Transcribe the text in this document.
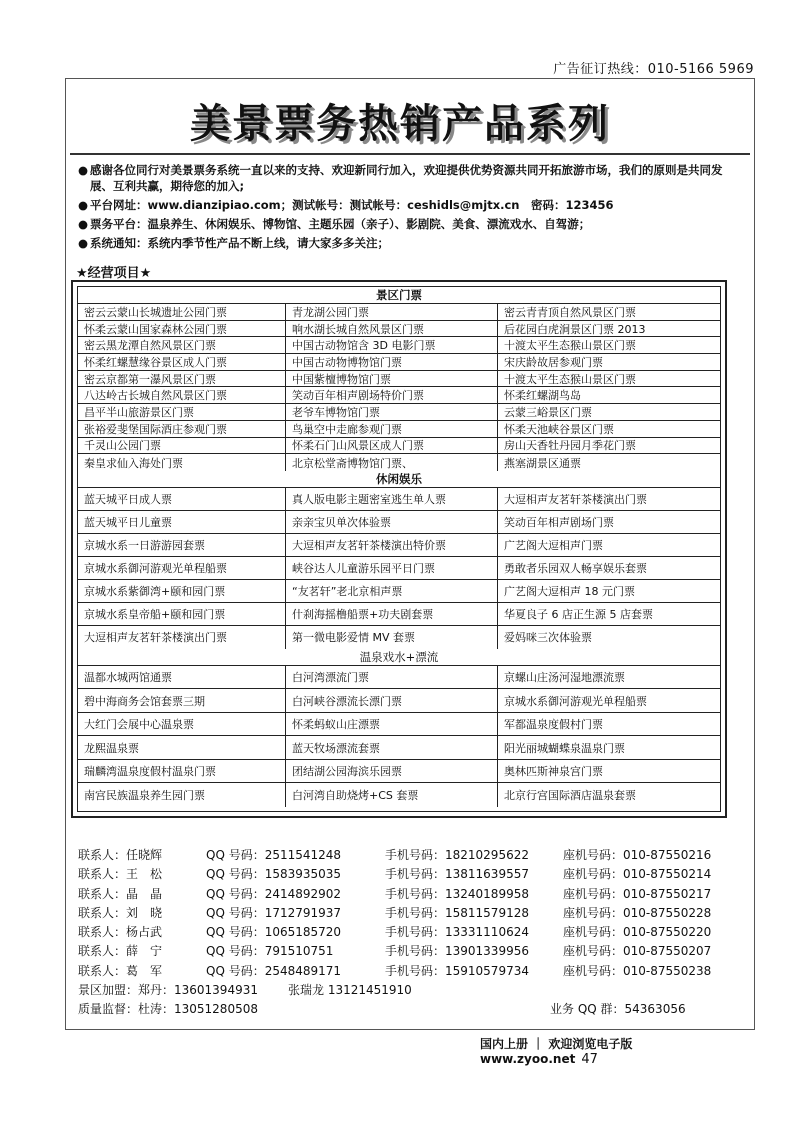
广告征订热线：010-5166 5969
美景票务热销产品系列
● 感谢各位同行对美景票务系统一直以来的支持、欢迎新同行加入，欢迎提供优势资源共同开拓旅游市场，我们的原则是共同发展、互利共赢，期待您的加入;
● 平台网址：www.dianzipiao.com；测试帐号：测试帐号：ceshidls@mjtx.cn　密码：123456
● 票务平台：温泉养生、休闲娱乐、博物馆、主题乐园（亲子）、影剧院、美食、漂流戏水、自驾游；
● 系统通知：系统内季节性产品不断上线，请大家多多关注；
★经营项目★
景区门票
密云云蒙山长城遗址公园门票	青龙湖公园门票	密云青青顶自然风景区门票
怀柔云蒙山国家森林公园门票	响水湖长城自然风景区门票	后花园白虎涧景区门票 2013
密云黑龙潭自然风景区门票	中国古动物馆含 3D 电影门票	十渡太平生态猴山景区门票
怀柔红螺慧缘谷景区成人门票	中国古动物博物馆门票	宋庆龄故居参观门票
密云京都第一瀑风景区门票	中国紫檀博物馆门票	十渡太平生态猴山景区门票
八达岭古长城自然风景区门票	笑动百年相声剧场特价门票	怀柔红螺湖鸟岛
昌平半山旅游景区门票	老爷车博物馆门票	云蒙三峪景区门票
张裕爱斐堡国际酒庄参观门票	鸟巢空中走廊参观门票	怀柔天池峡谷景区门票
千灵山公园门票	怀柔石门山风景区成人门票	房山天香牡丹园月季花门票
秦皇求仙入海处门票	北京松堂斋博物馆门票、	燕塞湖景区通票
休闲娱乐
蓝天城平日成人票	真人版电影主题密室逃生单人票	大逗相声友茗轩茶楼演出门票
蓝天城平日儿童票	亲亲宝贝单次体验票	笑动百年相声剧场门票
京城水系一日游游园套票	大逗相声友茗轩茶楼演出特价票	广艺阁大逗相声门票
京城水系御河游观光单程船票	峡谷达人儿童游乐园平日门票	勇敢者乐园双人畅享娱乐套票
京城水系紫御湾+颐和园门票	“友茗轩”老北京相声票	广艺阁大逗相声 18 元门票
京城水系皇帝船+颐和园门票	什刹海摇橹船票+功夫剧套票	华夏良子 6 店正生源 5 店套票
大逗相声友茗轩茶楼演出门票	第一微电影爱情 MV 套票	爱妈咪三次体验票
温泉戏水+漂流
温都水城两馆通票	白河湾漂流门票	京螺山庄汤河湿地漂流票
碧中海商务会馆套票三期	白河峡谷漂流长漂门票	京城水系御河游观光单程船票
大红门会展中心温泉票	怀柔蚂蚁山庄漂票	军都温泉度假村门票
龙熙温泉票	蓝天牧场漂流套票	阳光丽城蝴蝶泉温泉门票
瑞麟湾温泉度假村温泉门票	团结湖公园海滨乐园票	奥林匹斯神泉宫门票
南宫民族温泉养生园门票	白河湾自助烧烤+CS 套票	北京行宫国际酒店温泉套票
联系人：任晓辉	QQ 号码：2511541248	手机号码：18210295622	座机号码：010-87550216
联系人：王　松	QQ 号码：1583935035	手机号码：13811639557	座机号码：010-87550214
联系人：晶　晶	QQ 号码：2414892902	手机号码：13240189958	座机号码：010-87550217
联系人：刘　晓	QQ 号码：1712791937	手机号码：15811579128	座机号码：010-87550228
联系人：杨占武	QQ 号码：1065185720	手机号码：13331110624	座机号码：010-87550220
联系人：薛　宁	QQ 号码：791510751	手机号码：13901339956	座机号码：010-87550207
联系人：葛　军	QQ 号码：2548489171	手机号码：15910579734	座机号码：010-87550238
景区加盟：郑丹：13601394931	张瑞龙 13121451910
质量监督：杜涛：13051280508	业务 QQ 群：54363056
国内上册 ｜ 欢迎浏览电子版 www.zyoo.net 47
